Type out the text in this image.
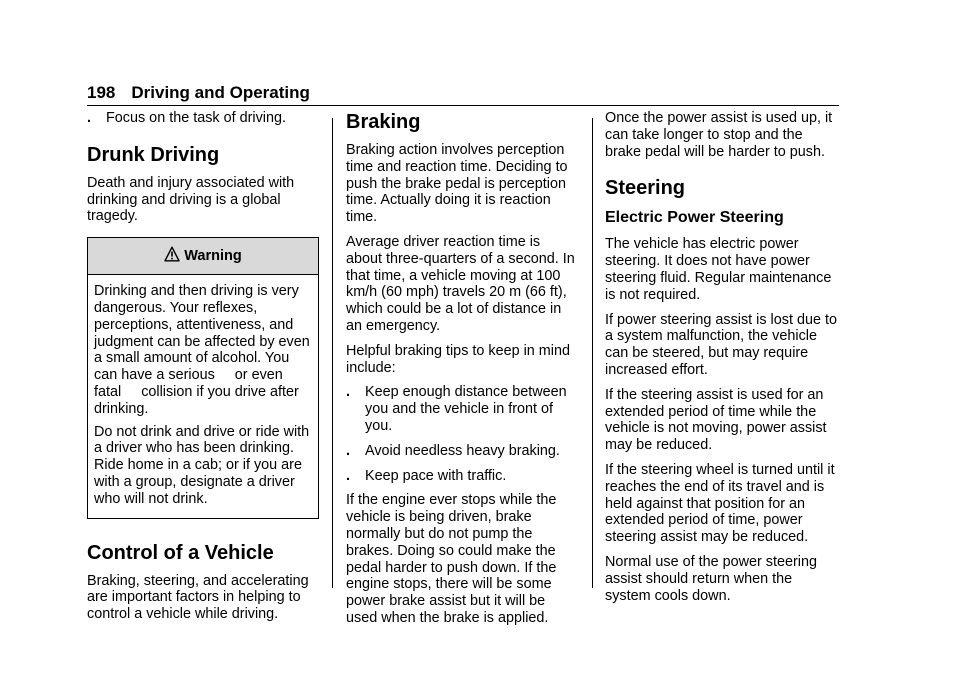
198 Driving and Operating
. Focus on the task of driving.
Drunk Driving

Death and injury associated with drinking and driving is a global tragedy.

Warning

Drinking and then driving is very dangerous. Your reflexes, perceptions, attentiveness, and judgment can be affected by even a small amount of alcohol. You can have a serious     or even fatal     collision if you drive after drinking.

Do not drink and drive or ride with a driver who has been drinking. Ride home in a cab; or if you are with a group, designate a driver who will not drink.

Control of a Vehicle

Braking, steering, and accelerating are important factors in helping to control a vehicle while driving.

Braking

Braking action involves perception time and reaction time. Deciding to push the brake pedal is perception time. Actually doing it is reaction time.

Average driver reaction time is about three-quarters of a second. In that time, a vehicle moving at 100 km/h (60 mph) travels 20 m (66 ft), which could be a lot of distance in an emergency.

Helpful braking tips to keep in mind include:

. Keep enough distance between you and the vehicle in front of you.
. Avoid needless heavy braking.
. Keep pace with traffic.

If the engine ever stops while the vehicle is being driven, brake normally but do not pump the brakes. Doing so could make the pedal harder to push down. If the engine stops, there will be some power brake assist but it will be used when the brake is applied.

Once the power assist is used up, it can take longer to stop and the brake pedal will be harder to push.

Steering
Electric Power Steering

The vehicle has electric power steering. It does not have power steering fluid. Regular maintenance is not required.

If power steering assist is lost due to a system malfunction, the vehicle can be steered, but may require increased effort.

If the steering assist is used for an extended period of time while the vehicle is not moving, power assist may be reduced.

If the steering wheel is turned until it reaches the end of its travel and is held against that position for an extended period of time, power steering assist may be reduced.

Normal use of the power steering assist should return when the system cools down.
